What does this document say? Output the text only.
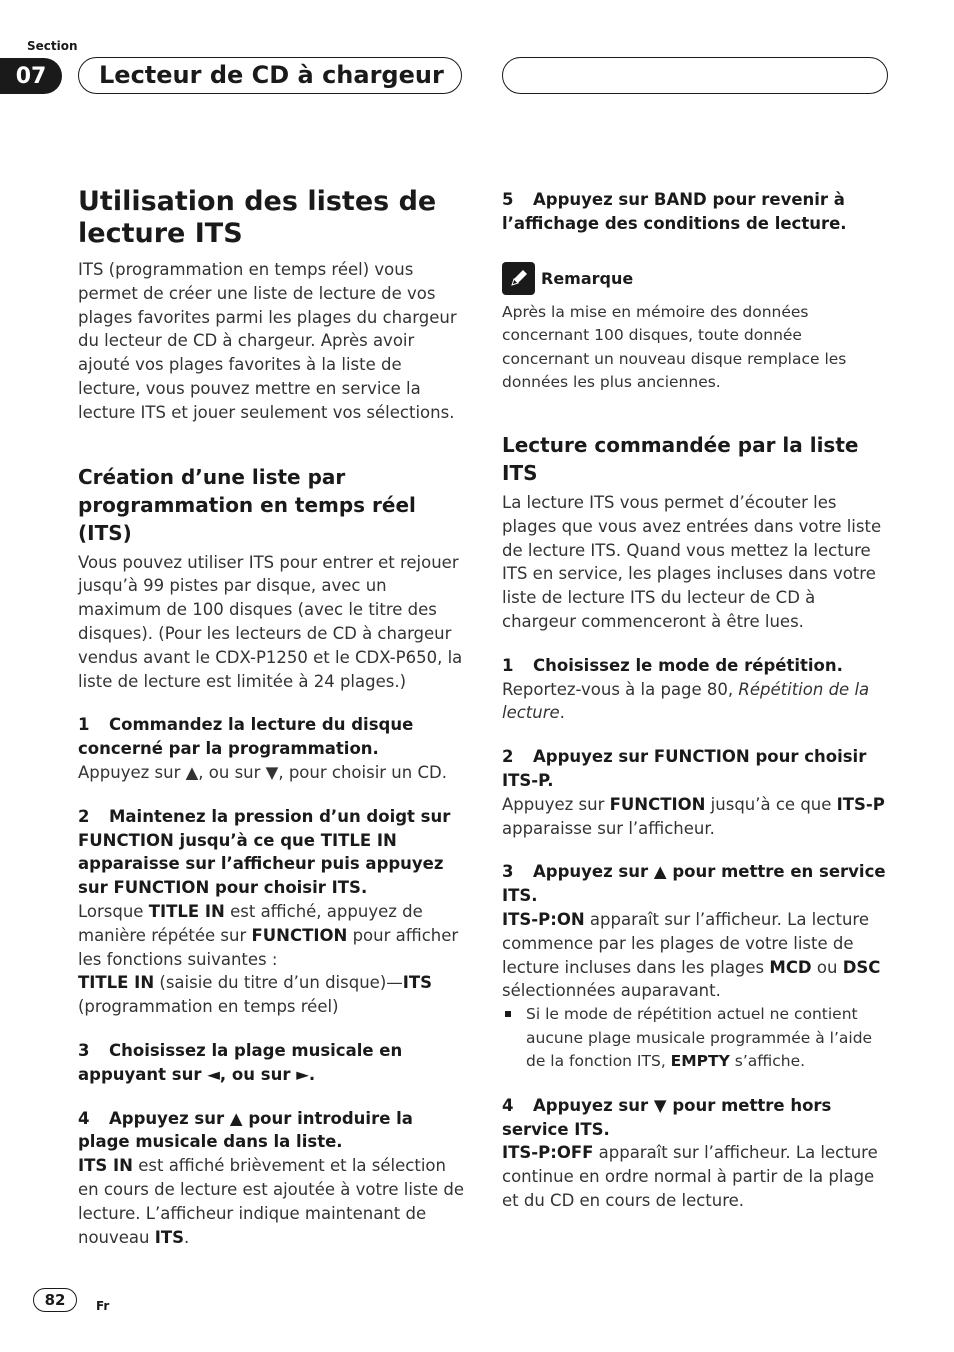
Section
07	Lecteur de CD à chargeur
Utilisation des listes de lecture ITS

ITS (programmation en temps réel) vous permet de créer une liste de lecture de vos plages favorites parmi les plages du chargeur du lecteur de CD à chargeur. Après avoir ajouté vos plages favorites à la liste de lecture, vous pouvez mettre en service la lecture ITS et jouer seulement vos sélections.

Création d’une liste par programmation en temps réel (ITS)

Vous pouvez utiliser ITS pour entrer et rejouer jusqu’à 99 pistes par disque, avec un maximum de 100 disques (avec le titre des disques). (Pour les lecteurs de CD à chargeur vendus avant le CDX-P1250 et le CDX-P650, la liste de lecture est limitée à 24 plages.)

1 Commandez la lecture du disque concerné par la programmation.

Appuyez sur ▲, ou sur ▼, pour choisir un CD.

2 Maintenez la pression d’un doigt sur FUNCTION jusqu’à ce que TITLE IN apparaisse sur l’afficheur puis appuyez sur FUNCTION pour choisir ITS.

Lorsque TITLE IN est affiché, appuyez de manière répétée sur FUNCTION pour afficher les fonctions suivantes :

TITLE IN (saisie du titre d’un disque)—ITS (programmation en temps réel)

3 Choisissez la plage musicale en appuyant sur ◄, ou sur ►.
4 Appuyez sur ▲ pour introduire la plage musicale dans la liste.

ITS IN est affiché brièvement et la sélection en cours de lecture est ajoutée à votre liste de lecture. L’afficheur indique maintenant de nouveau ITS.

5 Appuyez sur BAND pour revenir à l’affichage des conditions de lecture.
Remarque

Après la mise en mémoire des données concernant 100 disques, toute donnée concernant un nouveau disque remplace les données les plus anciennes.

Lecture commandée par la liste ITS

La lecture ITS vous permet d’écouter les plages que vous avez entrées dans votre liste de lecture ITS. Quand vous mettez la lecture ITS en service, les plages incluses dans votre liste de lecture ITS du lecteur de CD à chargeur commenceront à être lues.

1 Choisissez le mode de répétition.

Reportez-vous à la page 80, Répétition de la lecture.

2 Appuyez sur FUNCTION pour choisir ITS-P.

Appuyez sur FUNCTION jusqu’à ce que ITS-P apparaisse sur l’afficheur.

3 Appuyez sur ▲ pour mettre en service ITS.

ITS-P:ON apparaît sur l’afficheur. La lecture commence par les plages de votre liste de lecture incluses dans les plages MCD ou DSC sélectionnées auparavant.

Si le mode de répétition actuel ne contient aucune plage musicale programmée à l’aide de la fonction ITS, EMPTY s’affiche.
4 Appuyez sur ▼ pour mettre hors service ITS.

ITS-P:OFF apparaît sur l’afficheur. La lecture continue en ordre normal à partir de la plage et du CD en cours de lecture.

82	Fr
